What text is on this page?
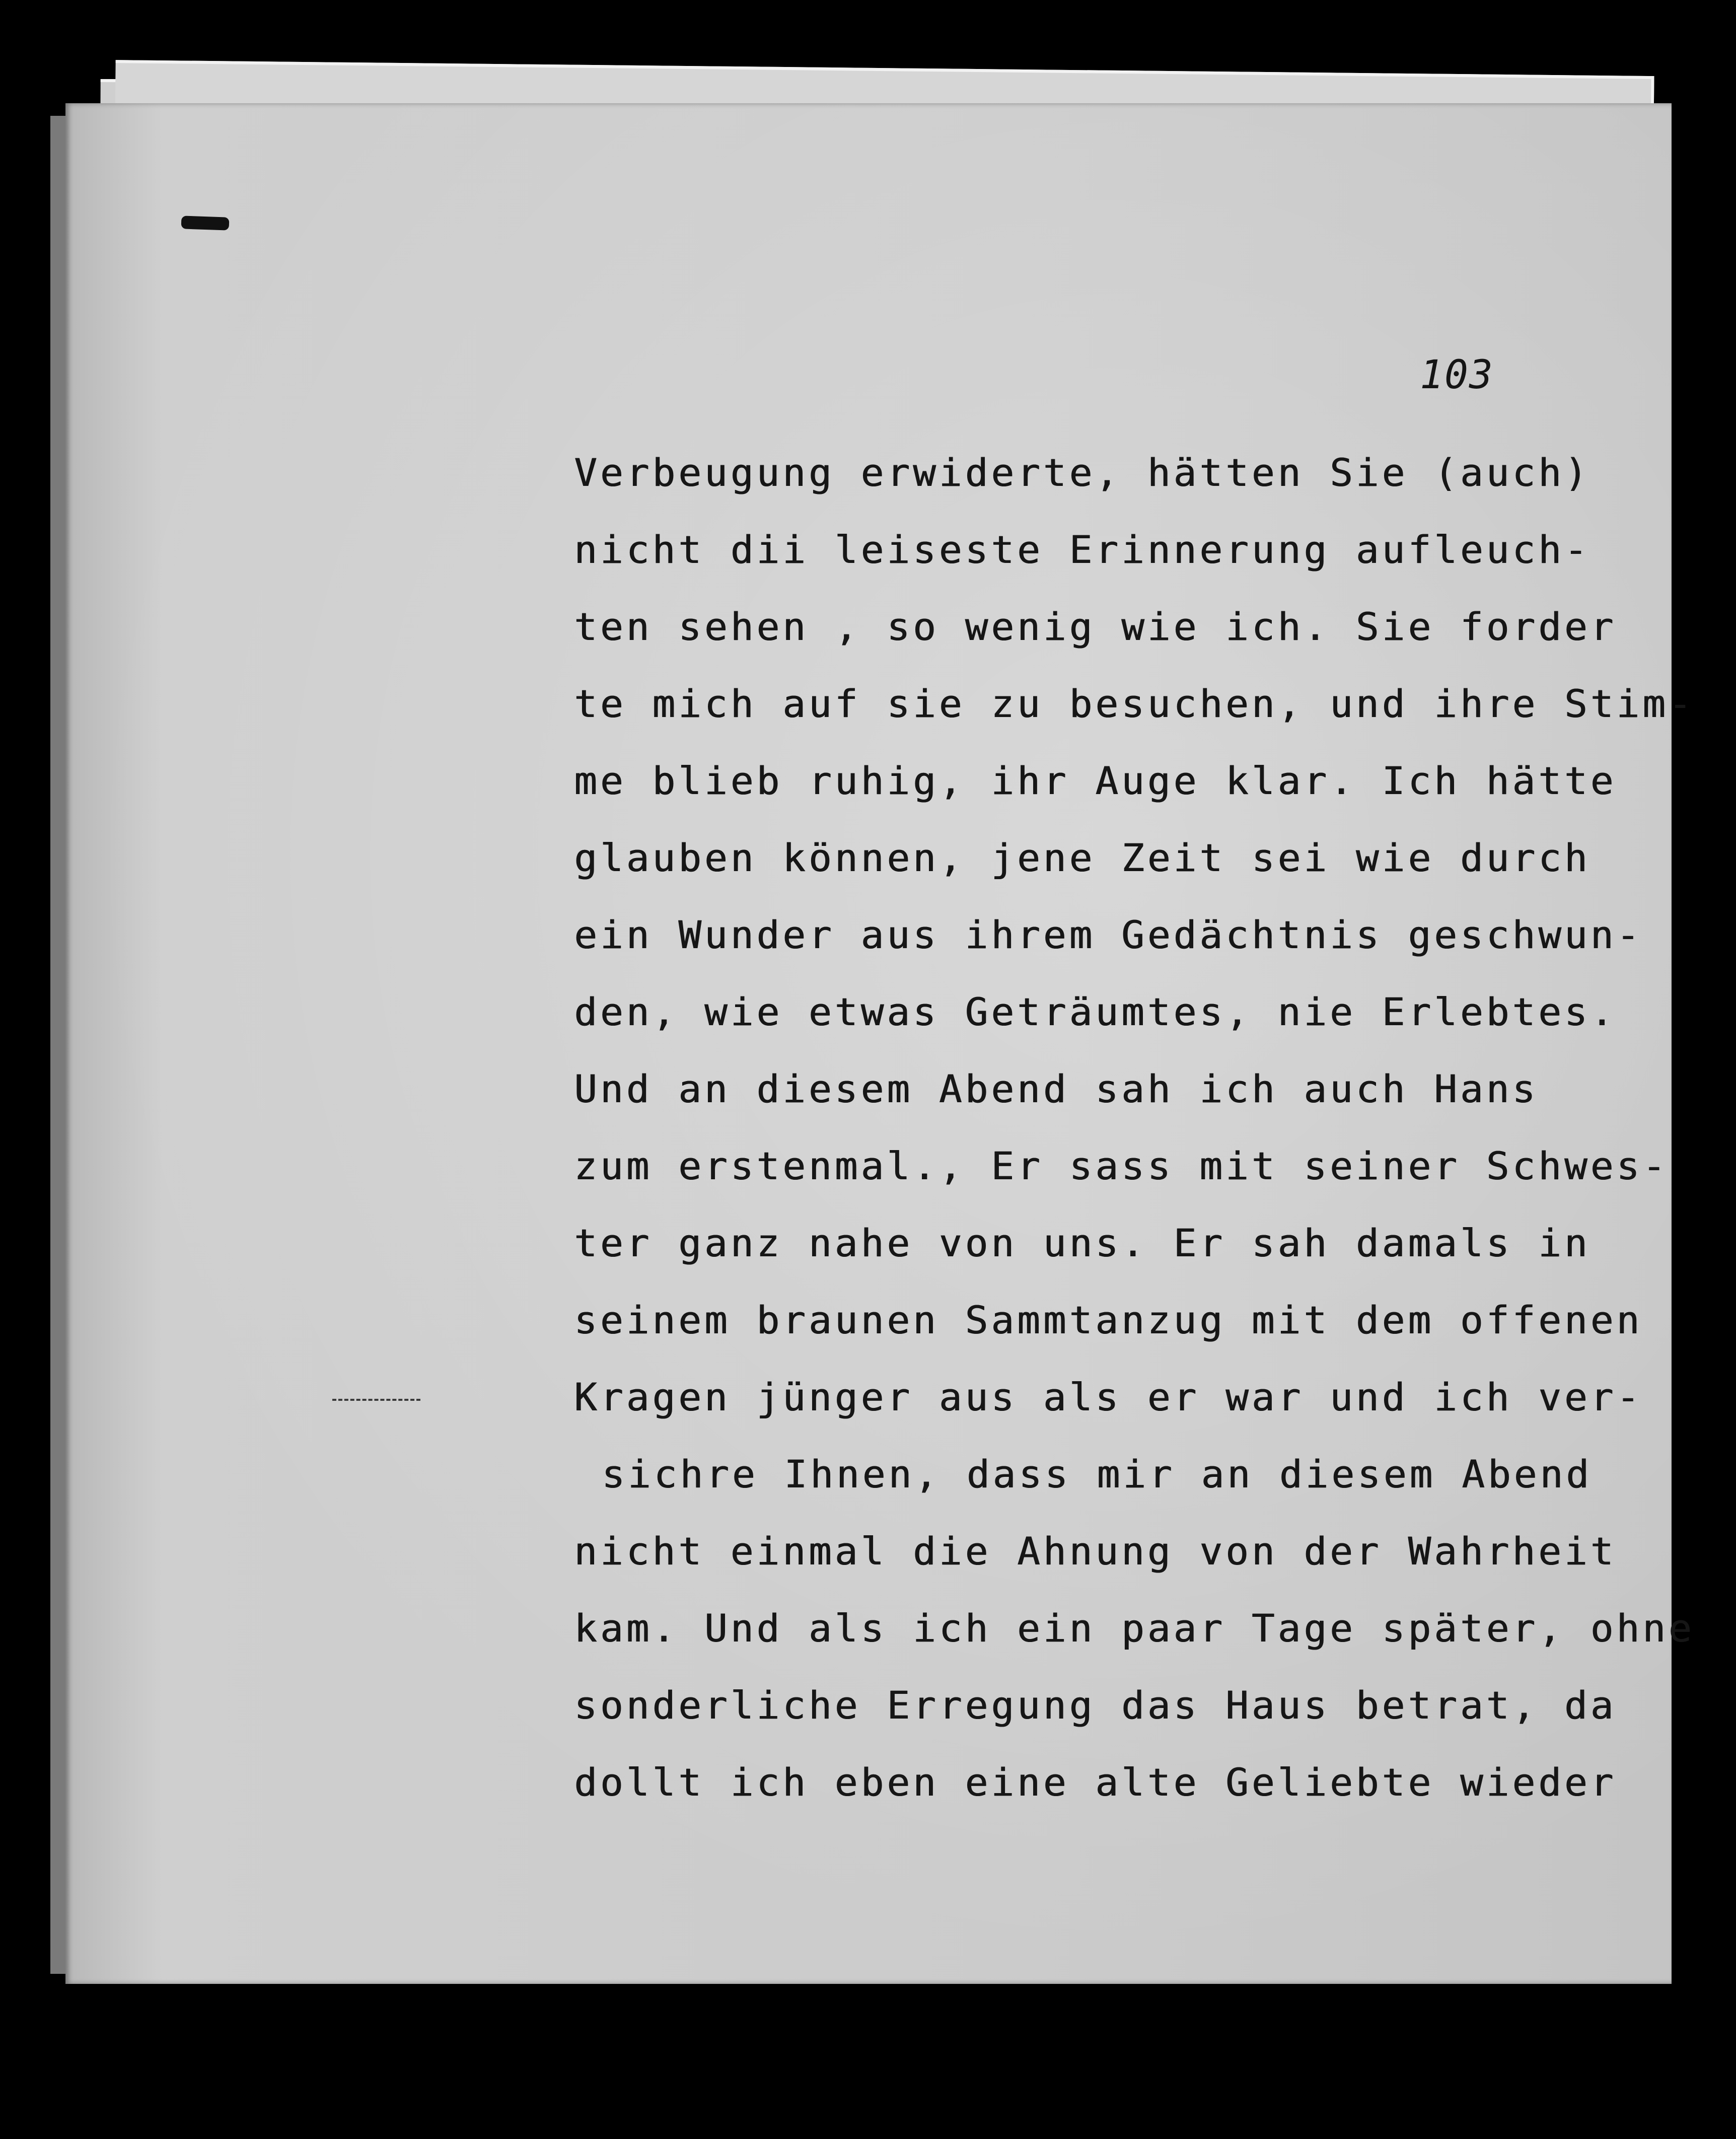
103
Verbeugung erwiderte, hätten Sie (auch)
nicht dii leiseste Erinnerung aufleuch-
ten sehen , so wenig wie ich. Sie forder
te mich auf sie zu besuchen, und ihre Stim-
me blieb ruhig, ihr Auge klar. Ich hätte
glauben können, jene Zeit sei wie durch
ein Wunder aus ihrem Gedächtnis geschwun-
den, wie etwas Geträumtes, nie Erlebtes.
Und an diesem Abend sah ich auch Hans
zum erstenmal., Er sass mit seiner Schwes-
ter ganz nahe von uns. Er sah damals in
seinem braunen Sammtanzug mit dem offenen
Kragen jünger aus als er war und ich ver-
sichre Ihnen, dass mir an diesem Abend
nicht einmal die Ahnung von der Wahrheit
kam. Und als ich ein paar Tage später, ohne
sonderliche Erregung das Haus betrat, da
dollt ich eben eine alte Geliebte wieder
